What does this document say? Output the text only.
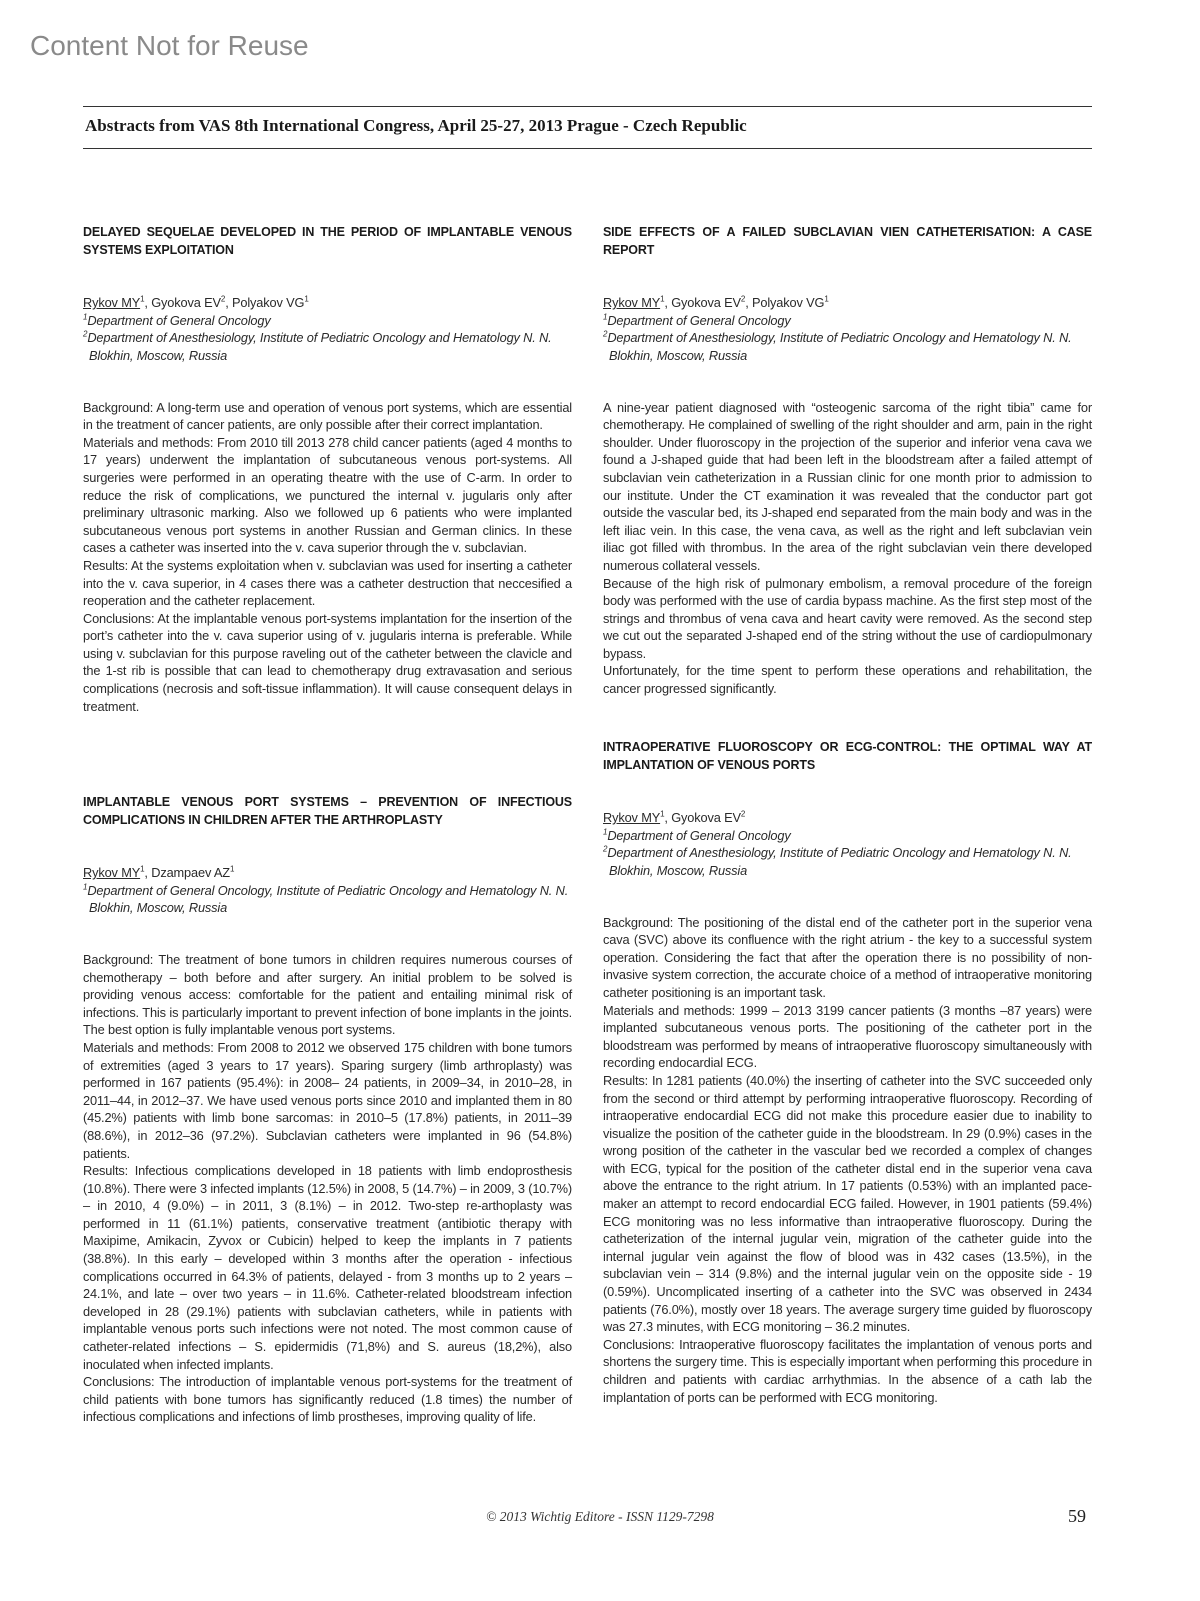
Content Not for Reuse
Abstracts from VAS 8th International Congress, April 25-27, 2013 Prague - Czech Republic
DELAYED SEQUELAE DEVELOPED IN THE PERIOD OF IMPLANTABLE VENOUS SYSTEMS EXPLOITATION
Rykov $MY^1$, Gyokova $EV^2$, Polyakov $VG^1$
$^1$Department of General Oncology
$^2$Department of Anesthesiology, Institute of Pediatric Oncology and Hematology N. N. Blokhin, Moscow, Russia

Background: A long-term use and operation of venous port systems, which are essential in the treatment of cancer patients, are only possible after their correct implantation.

Materials and methods: From 2010 till 2013 278 child cancer patients (aged 4 months to 17 years) underwent the implantation of subcutaneous venous port-systems. All surgeries were performed in an operating theatre with the use of C-arm. In order to reduce the risk of complications, we punctured the internal v. jugularis only after preliminary ultrasonic marking. Also we followed up 6 patients who were implanted subcutaneous venous port systems in another Russian and German clinics. In these cases a catheter was inserted into the v. cava superior through the v. subclavian.

Results: At the systems exploitation when v. subclavian was used for inserting a catheter into the v. cava superior, in 4 cases there was a catheter destruction that neccesified a reoperation and the catheter replacement.

Conclusions: At the implantable venous port-systems implantation for the insertion of the port’s catheter into the v. cava superior using of v. jugularis interna is preferable. While using v. subclavian for this purpose raveling out of the catheter between the clavicle and the 1-st rib is possible that can lead to chemotherapy drug extravasation and serious complications (necrosis and soft-tissue inflammation). It will cause consequent delays in treatment.

IMPLANTABLE VENOUS PORT SYSTEMS – PREVENTION OF INFECTIOUS COMPLICATIONS IN CHILDREN AFTER THE ARTHROPLASTY
Rykov $MY^1$, Dzampaev $AZ^1$
$^1$Department of General Oncology, Institute of Pediatric Oncology and Hematology N. N. Blokhin, Moscow, Russia

Background: The treatment of bone tumors in children requires numerous courses of chemotherapy – both before and after surgery. An initial problem to be solved is providing venous access: comfortable for the patient and entailing minimal risk of infections. This is particularly important to prevent infection of bone implants in the joints. The best option is fully implantable venous port systems.

Materials and methods: From 2008 to 2012 we observed 175 children with bone tumors of extremities (aged 3 years to 17 years). Sparing surgery (limb arthroplasty) was performed in 167 patients (95.4%): in 2008– 24 patients, in 2009–34, in 2010–28, in 2011–44, in 2012–37. We have used venous ports since 2010 and implanted them in 80 (45.2%) patients with limb bone sarcomas: in 2010–5 (17.8%) patients, in 2011–39 (88.6%), in 2012–36 (97.2%). Subclavian catheters were implanted in 96 (54.8%) patients.

Results: Infectious complications developed in 18 patients with limb endoprosthesis (10.8%). There were 3 infected implants (12.5%) in 2008, 5 (14.7%) – in 2009, 3 (10.7%) – in 2010, 4 (9.0%) – in 2011, 3 (8.1%) – in 2012. Two-step re-arthoplasty was performed in 11 (61.1%) patients, conservative treatment (antibiotic therapy with Maxipime, Amikacin, Zyvox or Cubicin) helped to keep the implants in 7 patients (38.8%). In this early – developed within 3 months after the operation - infectious complications occurred in 64.3% of patients, delayed - from 3 months up to 2 years – 24.1%, and late – over two years – in 11.6%. Catheter-related bloodstream infection developed in 28 (29.1%) patients with subclavian catheters, while in patients with implantable venous ports such infections were not noted. The most common cause of catheter-related infections – S. epidermidis (71,8%) and S. aureus (18,2%), also inoculated when infected implants.

Conclusions: The introduction of implantable venous port-systems for the treatment of child patients with bone tumors has significantly reduced (1.8 times) the number of infectious complications and infections of limb prostheses, improving quality of life.

SIDE EFFECTS OF A FAILED SUBCLAVIAN VIEN CATHETERISATION: A CASE REPORT
Rykov $MY^1$, Gyokova $EV^2$, Polyakov $VG^1$
$^1$Department of General Oncology
$^2$Department of Anesthesiology, Institute of Pediatric Oncology and Hematology N. N. Blokhin, Moscow, Russia

A nine-year patient diagnosed with “osteogenic sarcoma of the right tibia” came for chemotherapy. He complained of swelling of the right shoulder and arm, pain in the right shoulder. Under fluoroscopy in the projection of the superior and inferior vena cava we found a J-shaped guide that had been left in the bloodstream after a failed attempt of subclavian vein catheterization in a Russian clinic for one month prior to admission to our institute. Under the CT examination it was revealed that the conductor part got outside the vascular bed, its J-shaped end separated from the main body and was in the left iliac vein. In this case, the vena cava, as well as the right and left subclavian vein iliac got filled with thrombus. In the area of the right subclavian vein there developed numerous collateral vessels.

Because of the high risk of pulmonary embolism, a removal procedure of the foreign body was performed with the use of cardia bypass machine. As the first step most of the strings and thrombus of vena cava and heart cavity were removed. As the second step we cut out the separated J-shaped end of the string without the use of cardiopulmonary bypass.

Unfortunately, for the time spent to perform these operations and rehabilitation, the cancer progressed significantly.

INTRAOPERATIVE FLUOROSCOPY OR ECG-CONTROL: THE OPTIMAL WAY AT IMPLANTATION OF VENOUS PORTS
Rykov $MY^1$, Gyokova $EV^2$
$^1$Department of General Oncology
$^2$Department of Anesthesiology, Institute of Pediatric Oncology and Hematology N. N. Blokhin, Moscow, Russia

Background: The positioning of the distal end of the catheter port in the superior vena cava (SVC) above its confluence with the right atrium - the key to a successful system operation. Considering the fact that after the operation there is no possibility of non-invasive system correction, the accurate choice of a method of intraoperative monitoring catheter positioning is an important task.

Materials and methods: 1999 – 2013 3199 cancer patients (3 months –87 years) were implanted subcutaneous venous ports. The positioning of the catheter port in the bloodstream was performed by means of intraoperative fluoroscopy simultaneously with recording endocardial ECG.

Results: In 1281 patients (40.0%) the inserting of catheter into the SVC succeeded only from the second or third attempt by performing intraoperative fluoroscopy. Recording of intraoperative endocardial ECG did not make this procedure easier due to inability to visualize the position of the catheter guide in the bloodstream. In 29 (0.9%) cases in the wrong position of the catheter in the vascular bed we recorded a complex of changes with ECG, typical for the position of the catheter distal end in the superior vena cava above the entrance to the right atrium. In 17 patients (0.53%) with an implanted pacemaker an attempt to record endocardial ECG failed. However, in 1901 patients (59.4%) ECG monitoring was no less informative than intraoperative fluoroscopy. During the catheterization of the internal jugular vein, migration of the catheter guide into the internal jugular vein against the flow of blood was in 432 cases (13.5%), in the subclavian vein – 314 (9.8%) and the internal jugular vein on the opposite side - 19 (0.59%). Uncomplicated inserting of a catheter into the SVC was observed in 2434 patients (76.0%), mostly over 18 years. The average surgery time guided by fluoroscopy was 27.3 minutes, with ECG monitoring – 36.2 minutes.

Conclusions: Intraoperative fluoroscopy facilitates the implantation of venous ports and shortens the surgery time. This is especially important when performing this procedure in children and patients with cardiac arrhythmias. In the absence of a cath lab the implantation of ports can be performed with ECG monitoring.

© 2013 Wichtig Editore - ISSN 1129-7298	59
